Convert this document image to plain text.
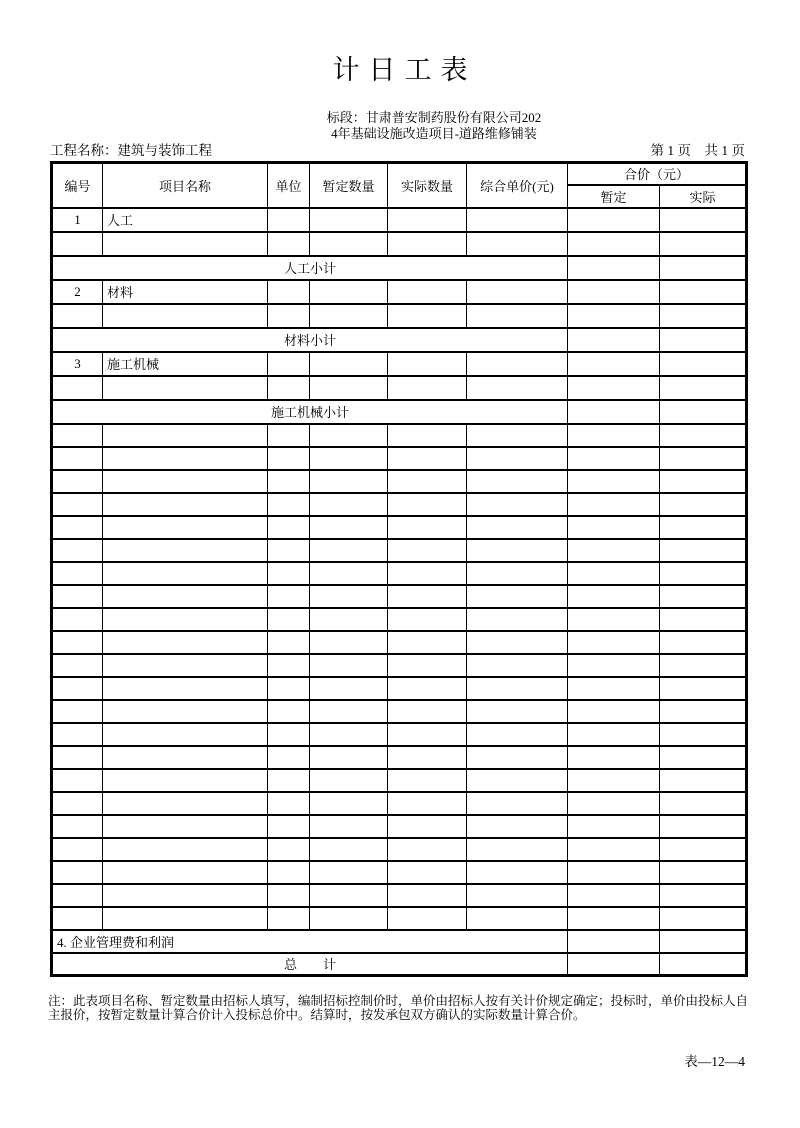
计日工表
标段：甘肃普安制药股份有限公司202
4年基础设施改造项目-道路维修铺装
工程名称：建筑与装饰工程	第 1 页　共 1 页
编号	项目名称	单位	暂定数量	实际数量	综合单价(元)	合价（元）	
						暂定	实际
1	人工						

人工小计							
2	材料						

材料小计							
3	施工机械						

施工机械小计							

4. 企业管理费和利润							
总　　计							

注：此表项目名称、暂定数量由招标人填写，编制招标控制价时，单价由招标人按有关计价规定确定；投标时，单价由投标人自主报价，按暂定数量计算合价计入投标总价中。结算时，按发承包双方确认的实际数量计算合价。

表—12—4
